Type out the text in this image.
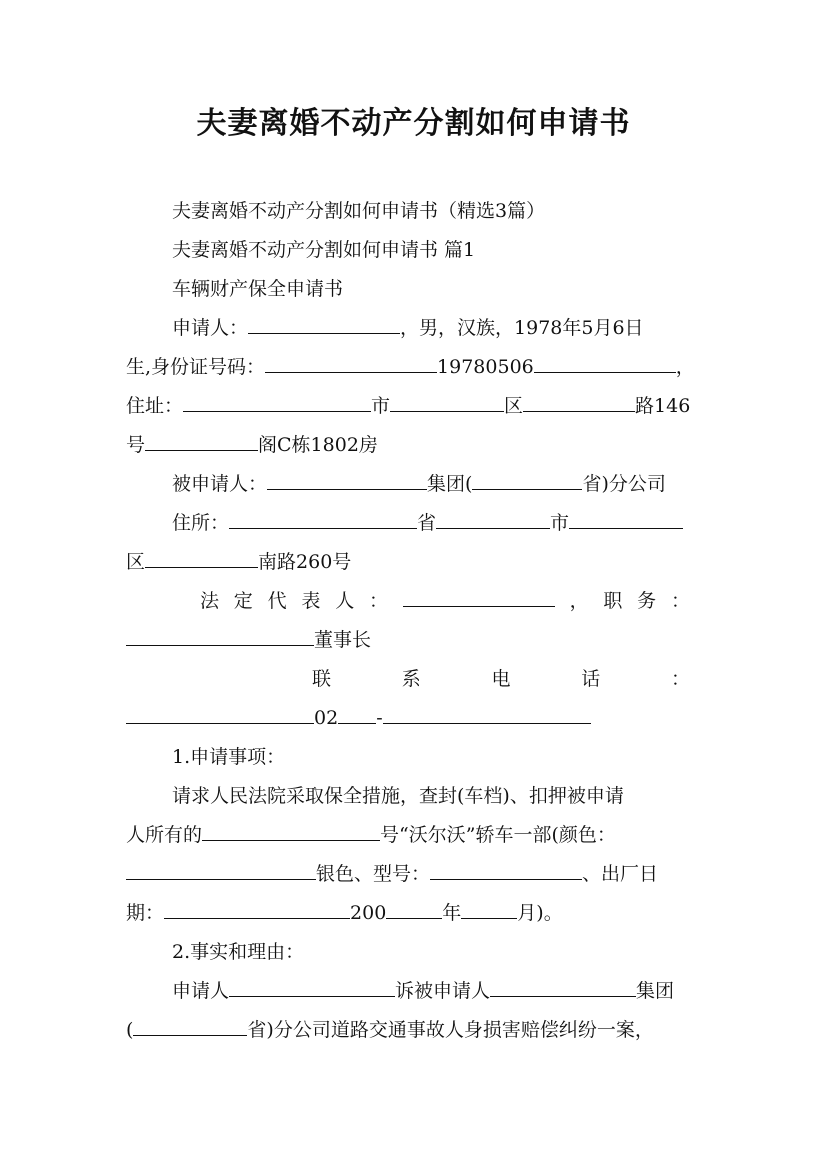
夫妻离婚不动产分割如何申请书
夫妻离婚不动产分割如何申请书（精选3篇）
夫妻离婚不动产分割如何申请书 篇1
车辆财产保全申请书
申请人：	，男，汉族，1978年5月6日
生,身份证号码：	19780506	，
住址：	市	区	路146
号	阁C栋1802房
被申请人：	集团(	省)分公司
住所：	省	市
区	南路260号
法 定 代 表 人 ：	， 职 务 ：
董事长
联	系	电	话	：
02 -
1.申请事项：
请求人民法院采取保全措施，查封(车档)、扣押被申请
人所有的	号“沃尔沃”轿车一部(颜色：
银色、型号：	、出厂日
期：	200	年	月)。
2.事实和理由：
申请人	诉被申请人	集团
(	省)分公司道路交通事故人身损害赔偿纠纷一案，
